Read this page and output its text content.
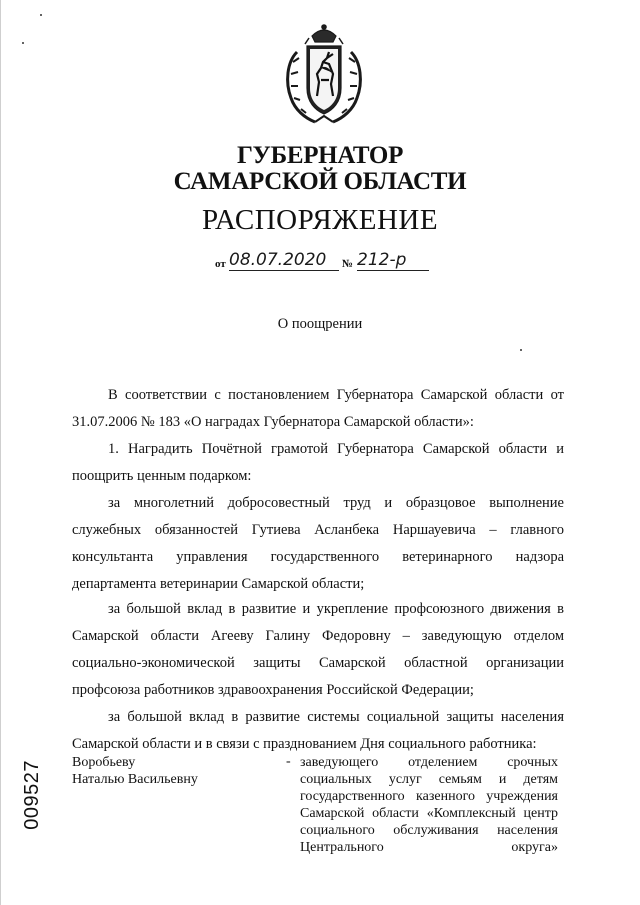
ГУБЕРНАТОР
САМАРСКОЙ ОБЛАСТИ
РАСПОРЯЖЕНИЕ
от 08.07.2020	№ 212-р
О поощрении

В соответствии с постановлением Губернатора Самарской области от 31.07.2006 № 183 «О наградах Губернатора Самарской области»:

1. Наградить Почётной грамотой Губернатора Самарской области и поощрить ценным подарком:

за многолетний добросовестный труд и образцовое выполнение служебных обязанностей Гутиева Асланбека Наршауевича – главного консультанта управления государственного ветеринарного надзора департамента ветеринарии Самарской области;

за большой вклад в развитие и укрепление профсоюзного движения в Самарской области Агееву Галину Федоровну – заведующую отделом социально-экономической защиты Самарской областной организации профсоюза работников здравоохранения Российской Федерации;

за большой вклад в развитие системы социальной защиты населения Самарской области и в связи с празднованием Дня социального работника:

Воробьеву
Наталью Васильевну
- заведующего отделением срочных социальных услуг семьям и детям государственного казенного учреждения Самарской области «Комплексный центр социального обслуживания населения Центрального округа»
009527
